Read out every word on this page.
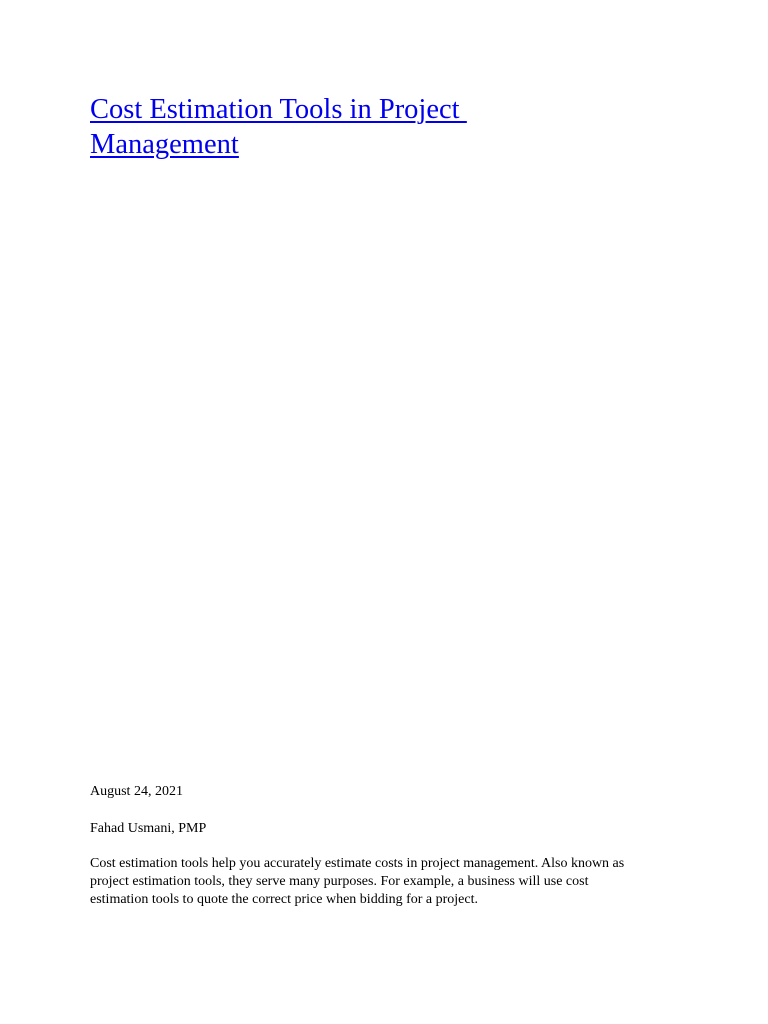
Cost Estimation Tools in Project
Management

August 24, 2021

Fahad Usmani, PMP

Cost estimation tools help you accurately estimate costs in project management. Also known as
project estimation tools, they serve many purposes. For example, a business will use cost
estimation tools to quote the correct price when bidding for a project.
